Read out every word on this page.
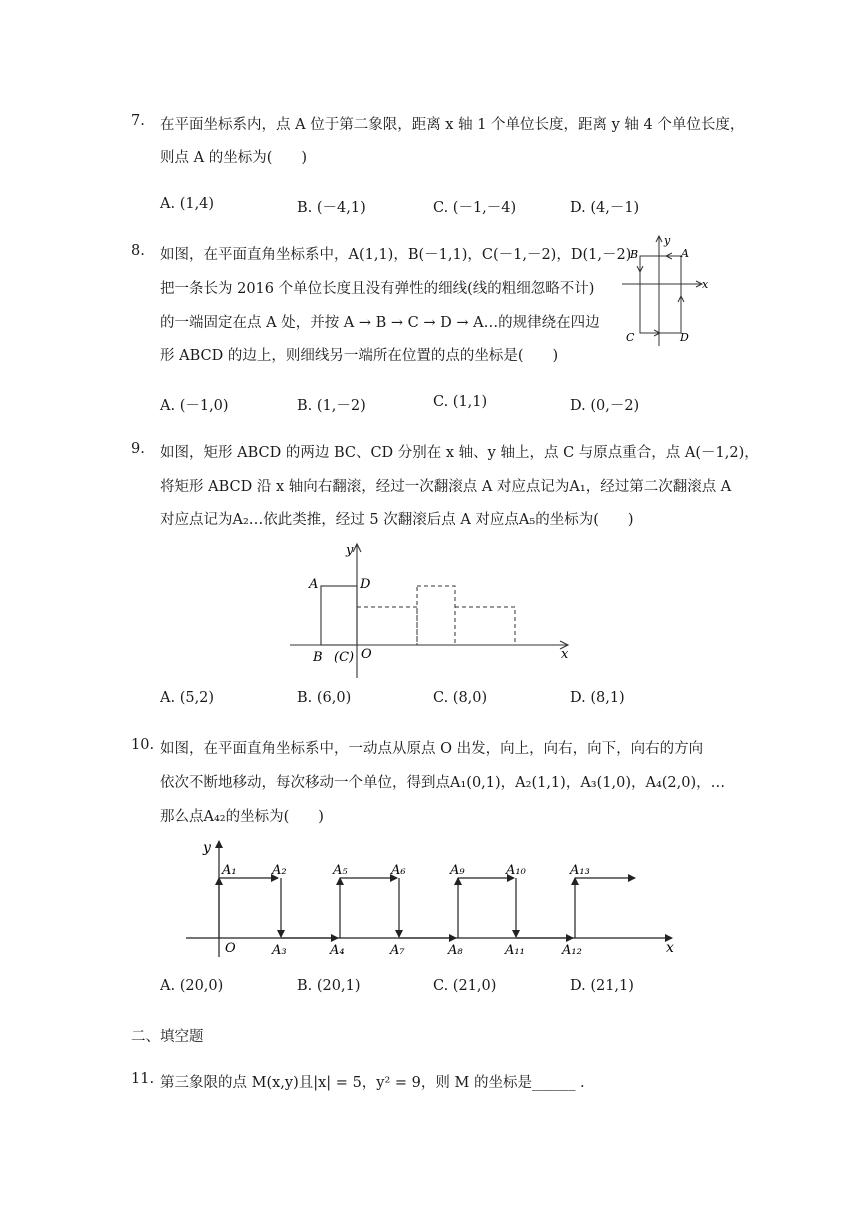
7. 在平面坐标系内，点 A 位于第二象限，距离 x 轴 1 个单位长度，距离 y 轴 4 个单位长度，
则点 A 的坐标为(　　)
A. (1,4)	B. (－4,1)	C. (－1,－4)	D. (4,－1)
8. 如图，在平面直角坐标系中，A(1,1)，B(－1,1)，C(－1,－2)，D(1,－2)
把一条长为 2016 个单位长度且没有弹性的细线(线的粗细忽略不计)
的一端固定在点 A 处，并按 A → B → C → D → A…的规律绕在四边
形 ABCD 的边上，则细线另一端所在位置的点的坐标是(　　)
B	A
y
x
C	D
A. (－1,0)	B. (1,－2)	C. (1,1)	D. (0,－2)
9. 如图，矩形 ABCD 的两边 BC、CD 分别在 x 轴、y 轴上，点 C 与原点重合，点 A(－1,2)，
将矩形 ABCD 沿 x 轴向右翻滚，经过一次翻滚点 A 对应点记为A₁，经过第二次翻滚点 A
对应点记为A₂…依此类推，经过 5 次翻滚后点 A 对应点A₅的坐标为(　　)
y
A	D
B (C) O	x
A. (5,2)	B. (6,0)	C. (8,0)	D. (8,1)
10. 如图，在平面直角坐标系中，一动点从原点 O 出发，向上，向右，向下，向右的方向
依次不断地移动，每次移动一个单位，得到点A₁(0,1)，A₂(1,1)，A₃(1,0)，A₄(2,0)，…
那么点A₄₂的坐标为(　　)
y
x
O
A₁	A₂	A₅	A₆	A₉	A₁₀	A₁₃
A₃	A₄	A₇	A₈	A₁₁	A₁₂
A. (20,0)	B. (20,1)	C. (21,0)	D. (21,1)
二、填空题
11. 第三象限的点 M(x,y)且|x| = 5，y² = 9，则 M 的坐标是______ .
